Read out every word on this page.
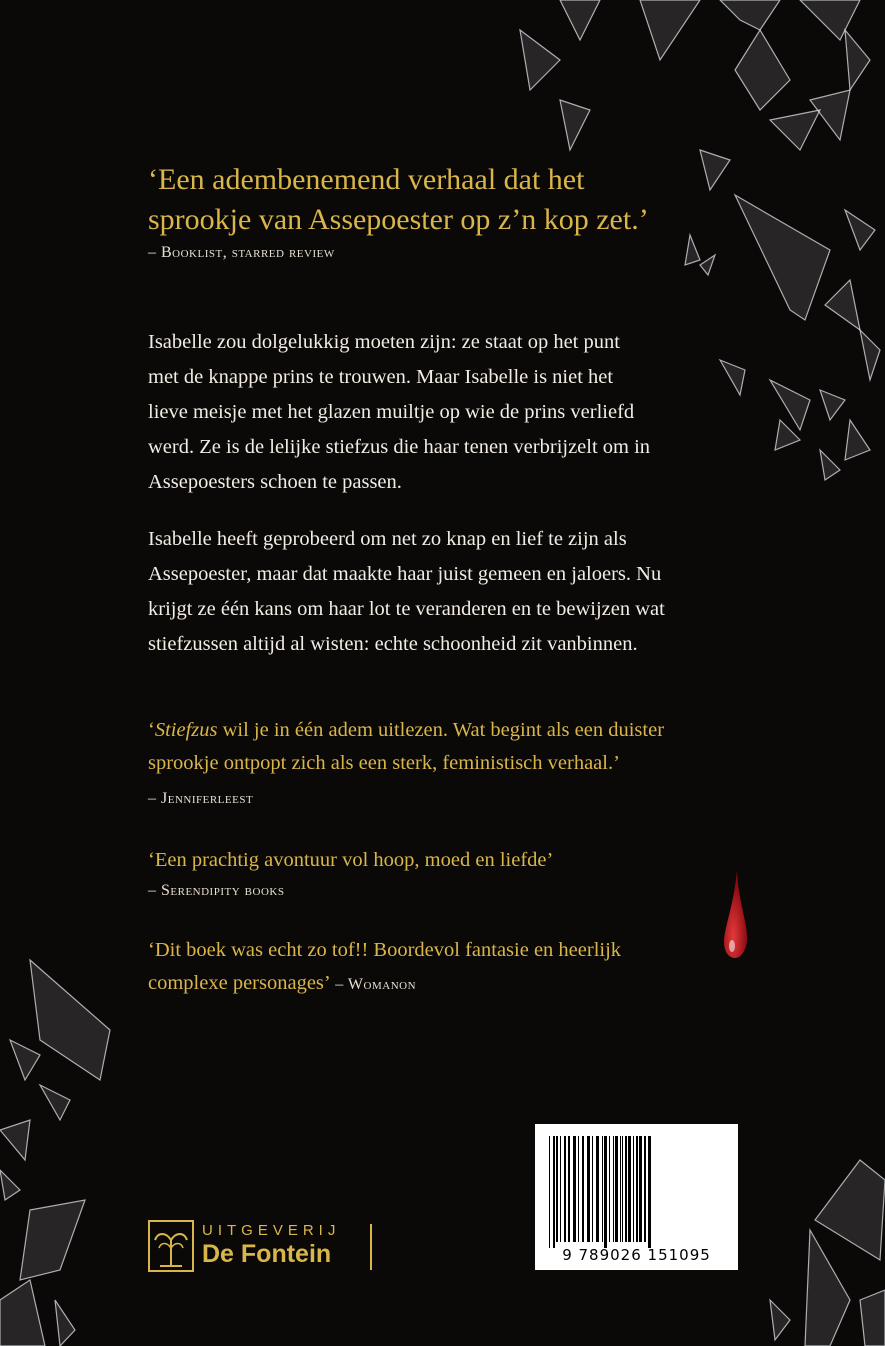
‘Een adembenemend verhaal dat het
sprookje van Assepoester op z’n kop zet.’

– Booklist, starred review

Isabelle zou dolgelukkig moeten zijn: ze staat op het punt
met de knappe prins te trouwen. Maar Isabelle is niet het
lieve meisje met het glazen muiltje op wie de prins verliefd
werd. Ze is de lelijke stiefzus die haar tenen verbrijzelt om in
Assepoesters schoen te passen.

Isabelle heeft geprobeerd om net zo knap en lief te zijn als
Assepoester, maar dat maakte haar juist gemeen en jaloers. Nu
krijgt ze één kans om haar lot te veranderen en te bewijzen wat
stiefzussen altijd al wisten: echte schoonheid zit vanbinnen.

‘Stiefzus wil je in één adem uitlezen. Wat begint als een duister
sprookje ontpopt zich als een sterk, feministisch verhaal.’

– Jenniferleest

‘Een prachtig avontuur vol hoop, moed en liefde’

– Serendipity books

‘Dit boek was echt zo tof!! Boordevol fantasie en heerlijk
complexe personages’ – Womanon

UITGEVERIJ
De Fontein	9 789026 151095
